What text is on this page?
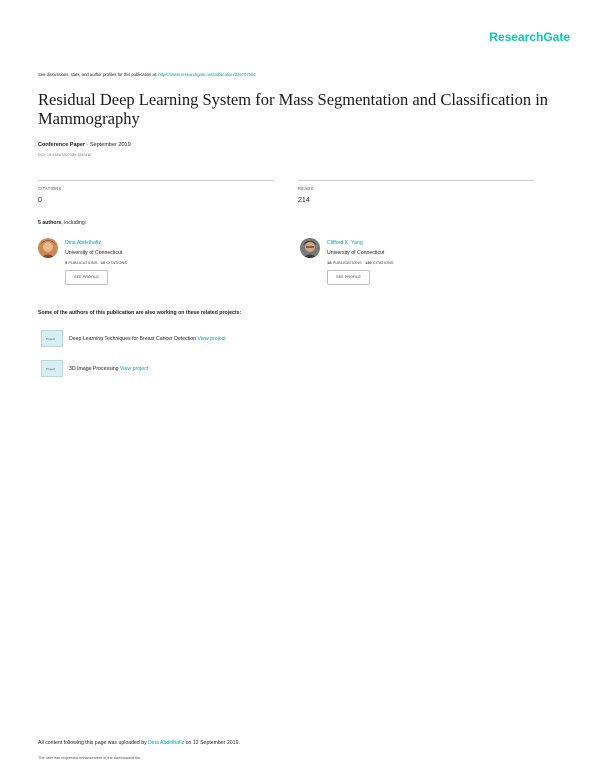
ResearchGate
See discussions, stats, and author profiles for this publication at: https://www.researchgate.net/publication/335707594
Residual Deep Learning System for Mass Segmentation and Classification in Mammography
Conference Paper · September 2019
DOI: 10.1145/3307339.3343187
CITATIONS
0
READS
214
5 authors, including:
Dina Abdelhafiz
University of Connecticut
5 PUBLICATIONS 10 CITATIONS
SEE PROFILE
Clifford K. Yang
University of Connecticut
18 PUBLICATIONS 139 CITATIONS
SEE PROFILE
Some of the authors of this publication are also working on these related projects:
Project	Deep Learning Techniques for Breast Cancer Detection View project
Project	3D Image Processing View project
All content following this page was uploaded by Dina Abdelhafiz on 12 September 2019.
The user has requested enhancement of the downloaded file.
